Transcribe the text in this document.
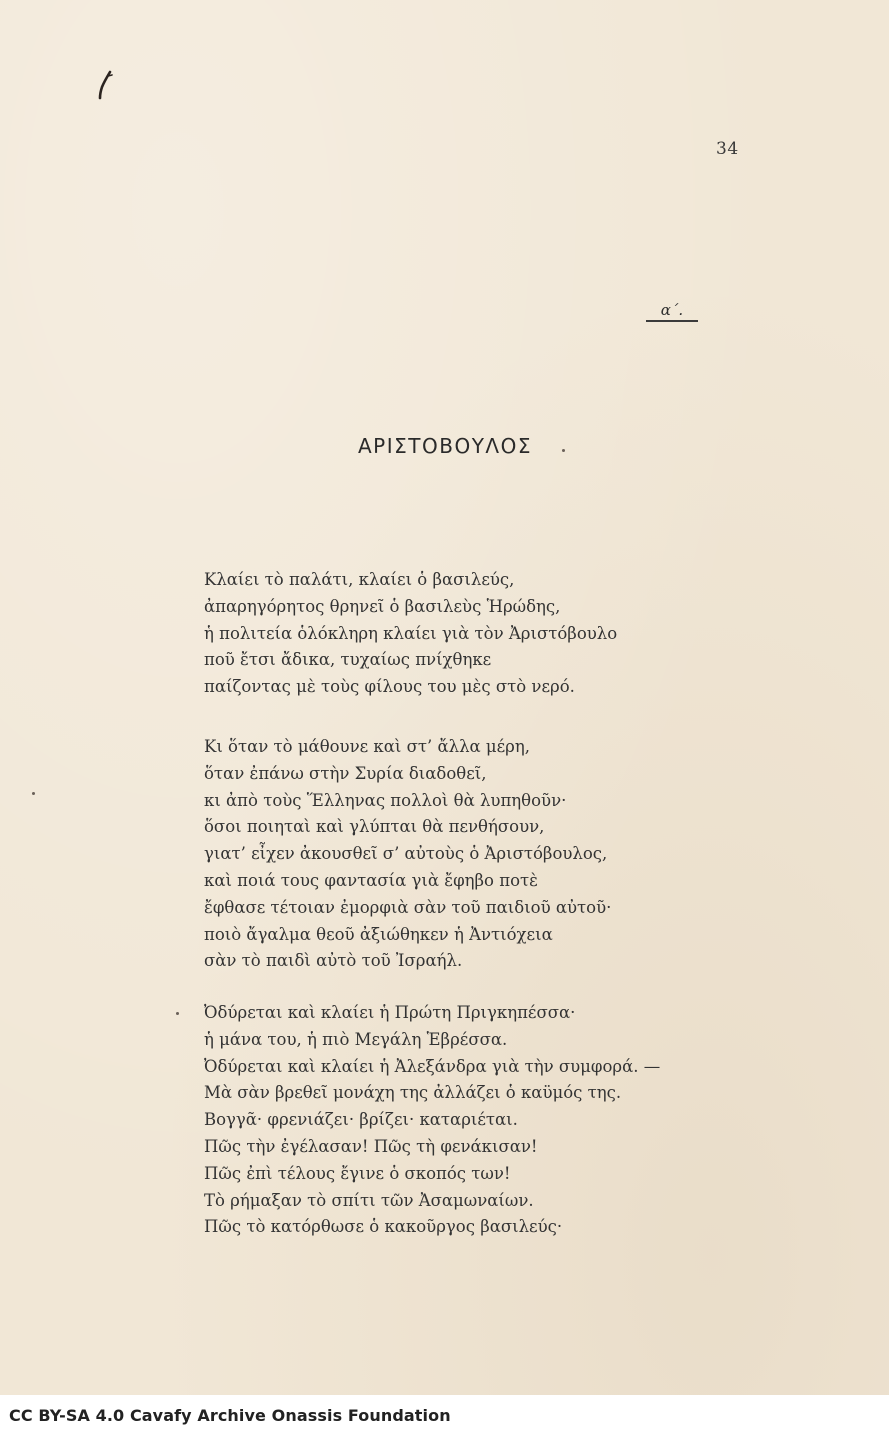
34
α΄.
ΑΡΙΣΤΟΒΟΥΛΟΣ
Κλαίει τὸ παλάτι, κλαίει ὁ βασιλεύς,
ἀπαρηγόρητος θρηνεῖ ὁ βασιλεὺς Ἡρώδης,
ἡ πολιτεία ὁλόκληρη κλαίει γιὰ τὸν Ἀριστόβουλο
ποῦ ἔτσι ἄδικα, τυχαίως πνίχθηκε
παίζοντας μὲ τοὺς φίλους του μὲς στὸ νερό.
Κι ὅταν τὸ μάθουνε καὶ στ’ ἄλλα μέρη,
ὅταν ἐπάνω στὴν Συρία διαδοθεῖ,
κι ἀπὸ τοὺς Ἕλληνας πολλοὶ θὰ λυπηθοῦν·
ὅσοι ποιηταὶ καὶ γλύπται θὰ πενθήσουν,
γιατ’ εἶχεν ἀκουσθεῖ σ’ αὐτοὺς ὁ Ἀριστόβουλος,
καὶ ποιά τους φαντασία γιὰ ἔφηβο ποτὲ
ἔφθασε τέτοιαν ἐμορφιὰ σὰν τοῦ παιδιοῦ αὐτοῦ·
ποιὸ ἄγαλμα θεοῦ ἀξιώθηκεν ἡ Ἀντιόχεια
σὰν τὸ παιδὶ αὐτὸ τοῦ Ἰσραήλ.
Ὀδύρεται καὶ κλαίει ἡ Πρώτη Πριγκηπέσσα·
ἡ μάνα του, ἡ πιὸ Μεγάλη Ἑβρέσσα.
Ὀδύρεται καὶ κλαίει ἡ Ἀλεξάνδρα γιὰ τὴν συμφορά. —
Μὰ σὰν βρεθεῖ μονάχη της ἀλλάζει ὁ καϋμός της.
Βογγᾶ· φρενιάζει· βρίζει· καταριέται.
Πῶς τὴν ἐγέλασαν! Πῶς τὴ φενάκισαν!
Πῶς ἐπὶ τέλους ἔγινε ὁ σκοπός των!
Τὸ ρήμαξαν τὸ σπίτι τῶν Ἀσαμωναίων.
Πῶς τὸ κατόρθωσε ὁ κακοῦργος βασιλεύς·
CC BY-SA 4.0 Cavafy Archive Onassis Foundation
